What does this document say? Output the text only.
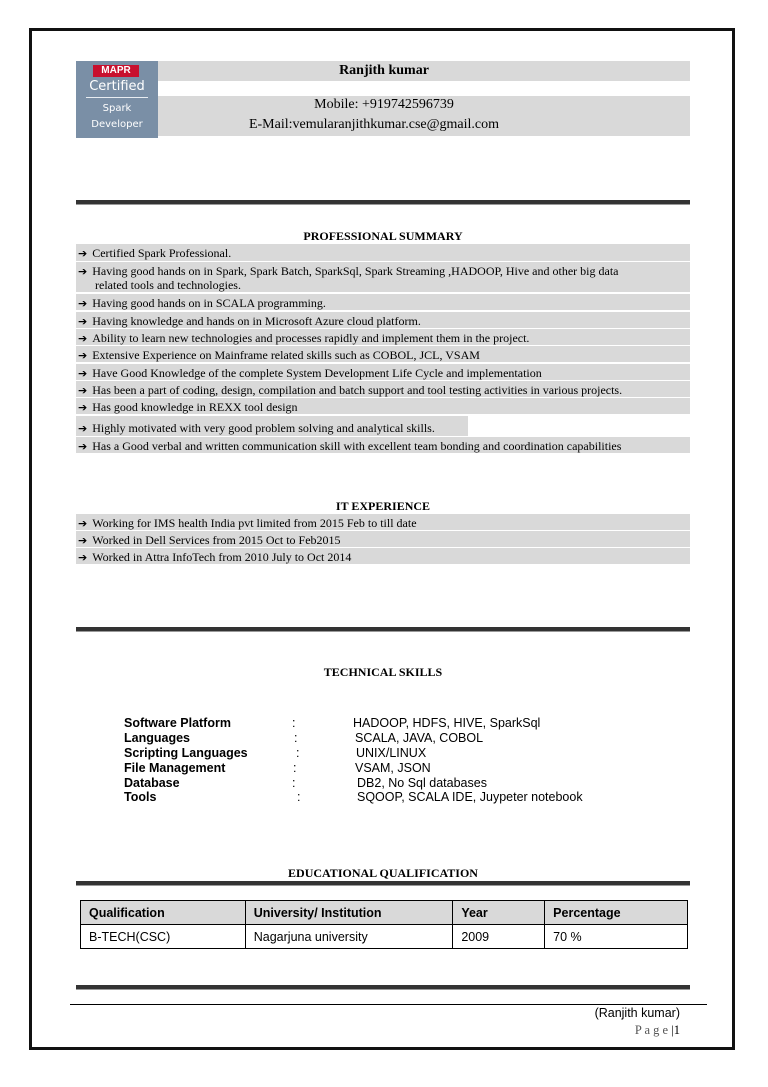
MAPR
Certified
Spark
Developer
Ranjith kumar
Mobile: +919742596739
E-Mail:vemularanjithkumar.cse@gmail.com
PROFESSIONAL SUMMARY
➔ Certified Spark Professional.
➔ Having good hands on in Spark, Spark Batch, SparkSql, Spark Streaming ,HADOOP, Hive and other big data
related tools and technologies.
➔ Having good hands on in SCALA programming.
➔ Having knowledge and hands on in Microsoft Azure cloud platform.
➔ Ability to learn new technologies and processes rapidly and implement them in the project.
➔ Extensive Experience on Mainframe related skills such as COBOL, JCL, VSAM
➔ Have Good Knowledge of the complete System Development Life Cycle and implementation
➔ Has been a part of coding, design, compilation and batch support and tool testing activities in various projects.
➔ Has good knowledge in REXX tool design
➔ Highly motivated with very good problem solving and analytical skills.
➔ Has a Good verbal and written communication skill with excellent team bonding and coordination capabilities
IT EXPERIENCE
➔ Working for IMS health India pvt limited from 2015 Feb to till date
➔ Worked in Dell Services from 2015 Oct to Feb2015
➔ Worked in Attra InfoTech from 2010 July to Oct 2014
TECHNICAL SKILLS
Software Platform	:	HADOOP, HDFS, HIVE, SparkSql
Languages	:	SCALA, JAVA, COBOL
Scripting Languages	:	UNIX/LINUX
File Management	:	VSAM, JSON
Database	:	DB2, No Sql databases
Tools	:	SQOOP, SCALA IDE, Juypeter notebook
EDUCATIONAL QUALIFICATION
Qualification	University/ Institution	Year	Percentage
B-TECH(CSC)	Nagarjuna university	2009	70 %
(Ranjith kumar)
P a g e |1
